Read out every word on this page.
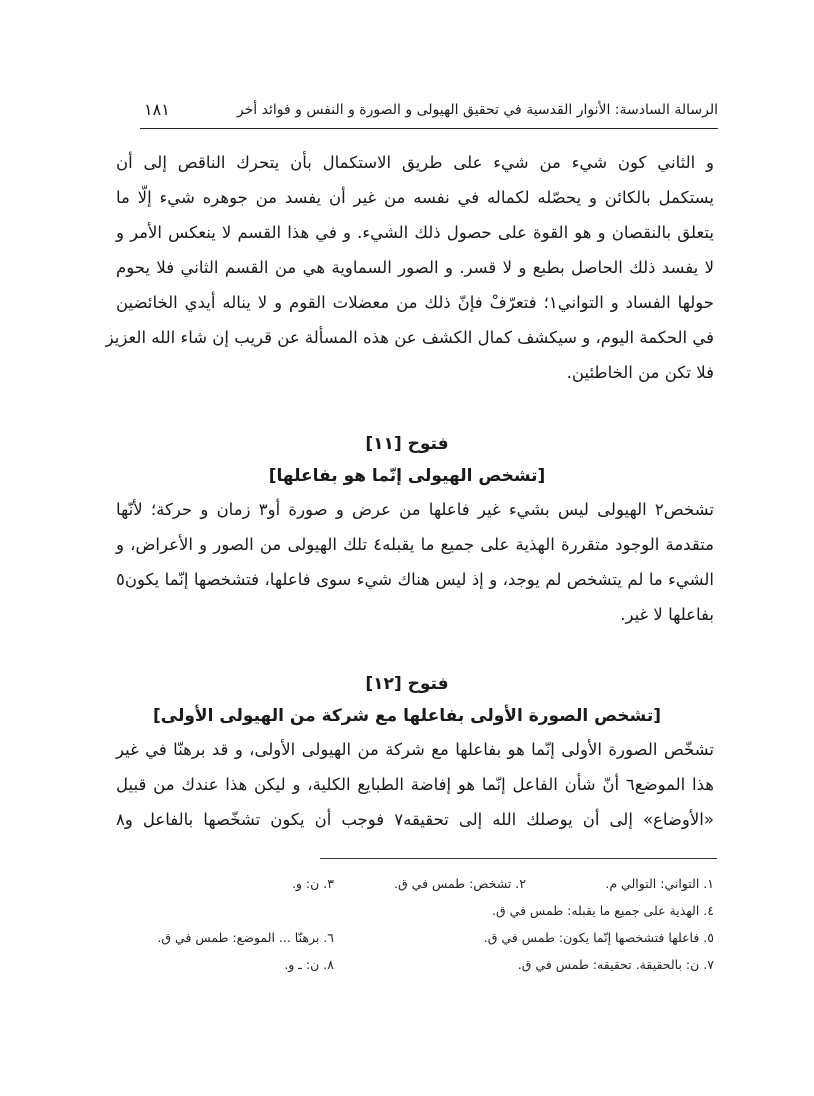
الرسالة السادسة: الأنوار القدسية في تحقيق الهيولى و الصورة و النفس و فوائد أخر
١٨١
و الثاني كون شيء من شيء على طريق الاستكمال بأن يتحرك الناقص إلى أن
يستكمل بالكائن و يحصّله لكماله في نفسه من غير أن يفسد من جوهره شيء إلّا ما
يتعلق بالنقصان و هو القوة على حصول ذلك الشيء. و في هذا القسم لا ينعكس الأمر و
لا يفسد ذلك الحاصل بطبع و لا قسر. و الصور السماوية هي من القسم الثاني فلا يحوم
حولها الفساد و التواني١؛ فتعرّفْ فإنّ ذلك من معضلات القوم و لا يناله أيدي الخائضين
في الحكمة اليوم، و سيكشف كمال الكشف عن هذه المسألة عن قريب إن شاء الله العزيز
فلا تكن من الخاطئين.
فتوح [١١]
[تشخص الهيولى إنّما هو بفاعلها]
تشخص٢ الهيولى ليس بشيء غير فاعلها من عرض و صورة أو٣ زمان و حركة؛ لأنّها
متقدمة الوجود متقررة الهذية على جميع ما يقبله٤ تلك الهيولى من الصور و الأعراض، و
الشيء ما لم يتشخص لم يوجد، و إذ ليس هناك شيء سوى فاعلها، فتشخصها إنّما يكون٥
بفاعلها لا غير.
فتوح [١٢]
[تشخص الصورة الأولى بفاعلها مع شركة من الهيولى الأولى]
تشخّص الصورة الأولى إنّما هو بفاعلها مع شركة من الهيولى الأولى، و قد برهنّا في غير
هذا الموضع٦ أنّ شأن الفاعل إنّما هو إفاضة الطبايع الكلية، و ليكن هذا عندك من قبيل
«الأوضاع» إلى أن يوصلك الله إلى تحقيقه٧ فوجب أن يكون تشخّصها بالفاعل و٨
١. التواني: التوالي م.
٢. تشخص: طمس في ق.
٣. ن: و.
٤. الهذية على جميع ما يقبله: طمس في ق.
٥. فاعلها فتشخصها إنّما يكون: طمس في ق.
٦. برهنّا ... الموضع: طمس في ق.
٧. ن: بالحقيقة. تحقيقه: طمس في ق.
٨. ن: ـ و.
